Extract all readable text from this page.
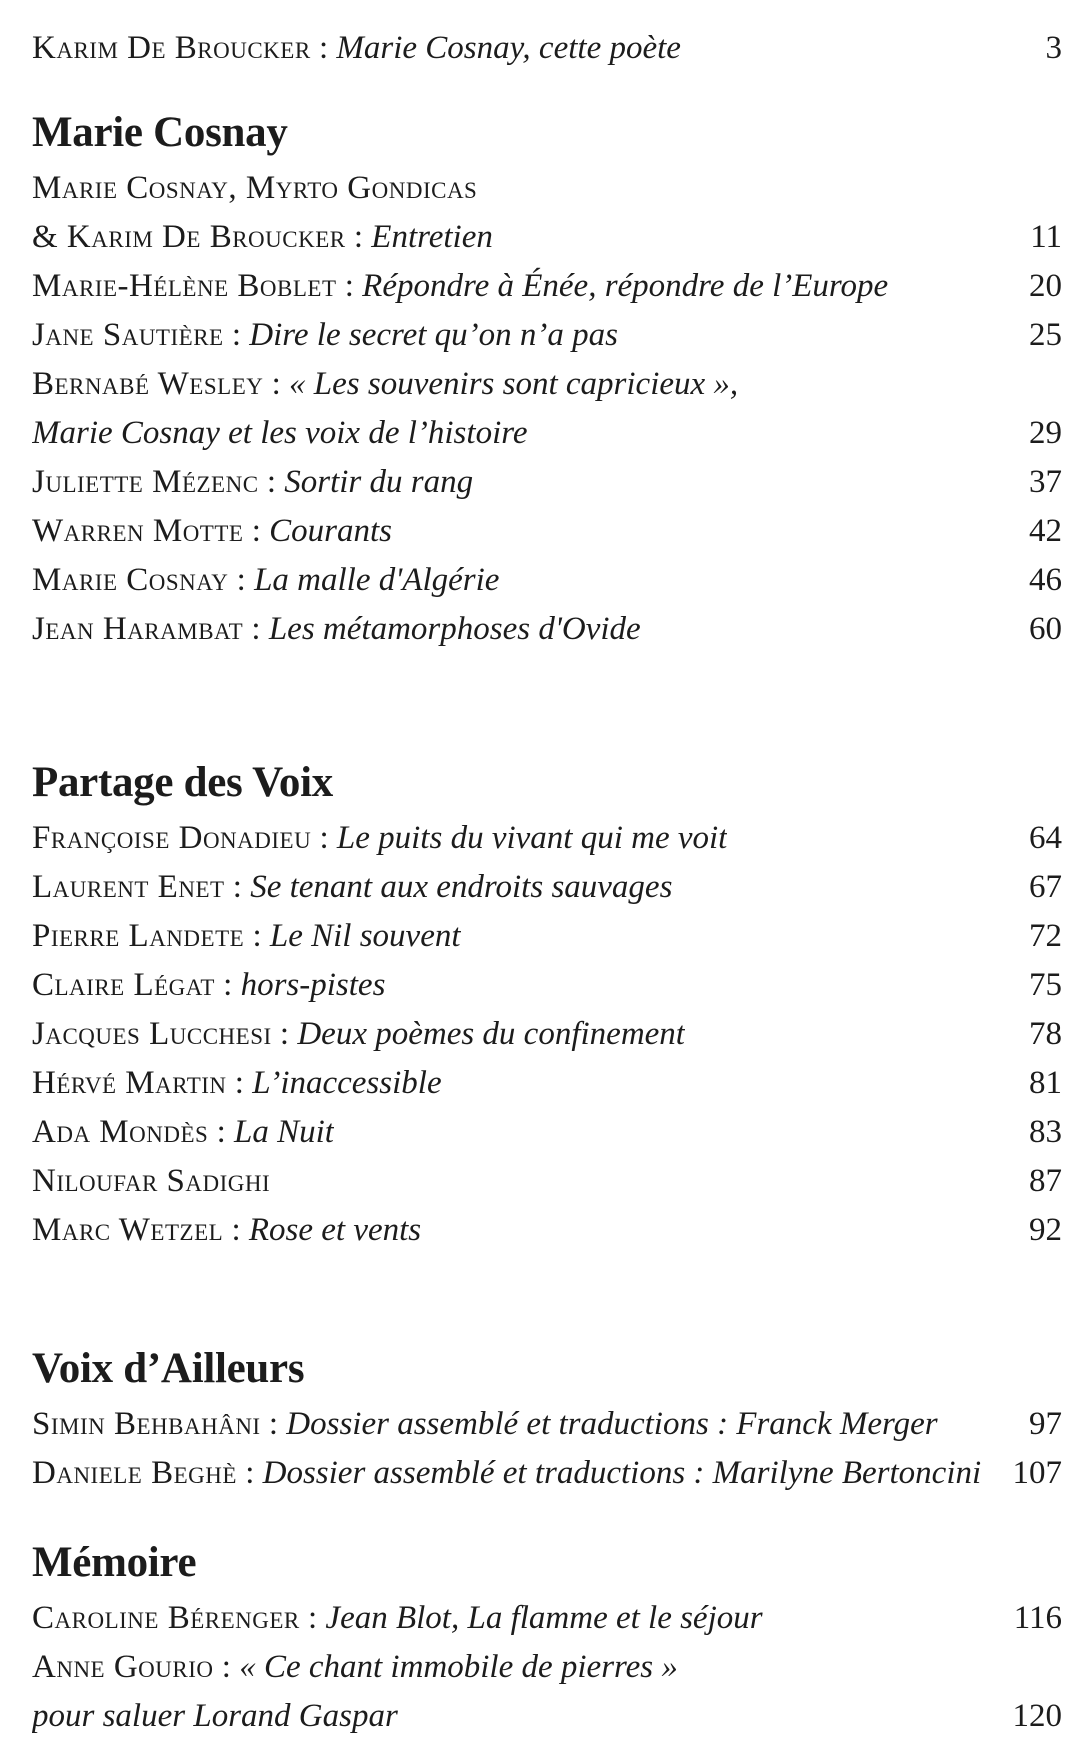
Karim De Broucker : Marie Cosnay, cette poète	3
Marie Cosnay
Marie Cosnay, Myrto Gondicas
& Karim De Broucker : Entretien	11
Marie-Hélène Boblet : Répondre à Énée, répondre de l’Europe	20
Jane Sautière : Dire le secret qu’on n’a pas	25
Bernabé Wesley : « Les souvenirs sont capricieux »,
Marie Cosnay et les voix de l’histoire	29
Juliette Mézenc : Sortir du rang	37
Warren Motte : Courants	42
Marie Cosnay : La malle d'Algérie	46
Jean Harambat : Les métamorphoses d'Ovide	60
Partage des Voix
Françoise Donadieu : Le puits du vivant qui me voit	64
Laurent Enet : Se tenant aux endroits sauvages	67
Pierre Landete : Le Nil souvent	72
Claire Légat : hors-pistes	75
Jacques Lucchesi : Deux poèmes du confinement	78
Hérvé Martin : L’inaccessible	81
Ada Mondès : La Nuit	83
Niloufar Sadighi	87
Marc Wetzel : Rose et vents	92
Voix d’Ailleurs
Simin Behbahâni : Dossier assemblé et traductions : Franck Merger	97
Daniele Beghè : Dossier assemblé et traductions : Marilyne Bertoncini 107
Mémoire
Caroline Bérenger : Jean Blot, La flamme et le séjour	116
Anne Gourio : « Ce chant immobile de pierres »
pour saluer Lorand Gaspar	120
